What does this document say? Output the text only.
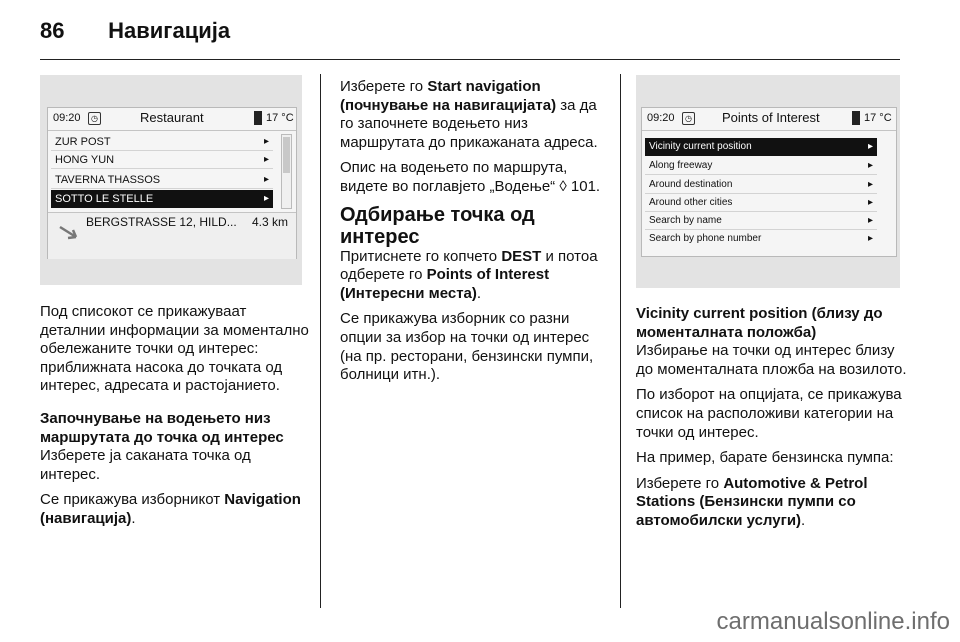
86 Навигација
09:20	◷	Restaurant	17 °C
ZUR POST	▸
HONG YUN	▸
TAVERNA THASSOS	▸
SOTTO LE STELLE	▸
BERGSTRASSE 12, HILD... 4.3 km

Под списокот се прикажуваат деталнии информации за моментално обележаните точки од интерес: приближната насока до точката од интерес, адресата и растојанието.

Започнување на водењето низ маршрутата до точка од интерес

Изберете ја саканата точка од интерес.

Се прикажува изборникот Navigation (навигација).

Изберете го Start navigation (почнување на навигацијата) за да го започнете водењето низ маршрутата до прикажаната адреса.

Опис на водењето по маршрута, видете во поглавјето „Водење“ ◊ 101.

Одбирање точка од интерес

Притиснете го копчето DEST и потоа одберете го Points of Interest (Интересни места).

Се прикажува изборник со разни опции за избор на точки од интерес (на пр. ресторани, бензински пумпи, болници итн.).

09:20	◷ Points of Interest	17 °C
Vicinity current position	▸
Along freeway	▸
Around destination	▸
Around other cities	▸
Search by name	▸
Search by phone number	▸

Vicinity current position (близу до моменталната положба)

Избирање на точки од интерес близу до моменталната пложба на возилото.

По изборот на опцијата, се прикажува список на расположиви категории на точки од интерес.

На пример, барате бензинска пумпа:

Изберете го Automotive & Petrol Stations (Бензински пумпи со автомобилски услуги).

carmanualsonline.info
